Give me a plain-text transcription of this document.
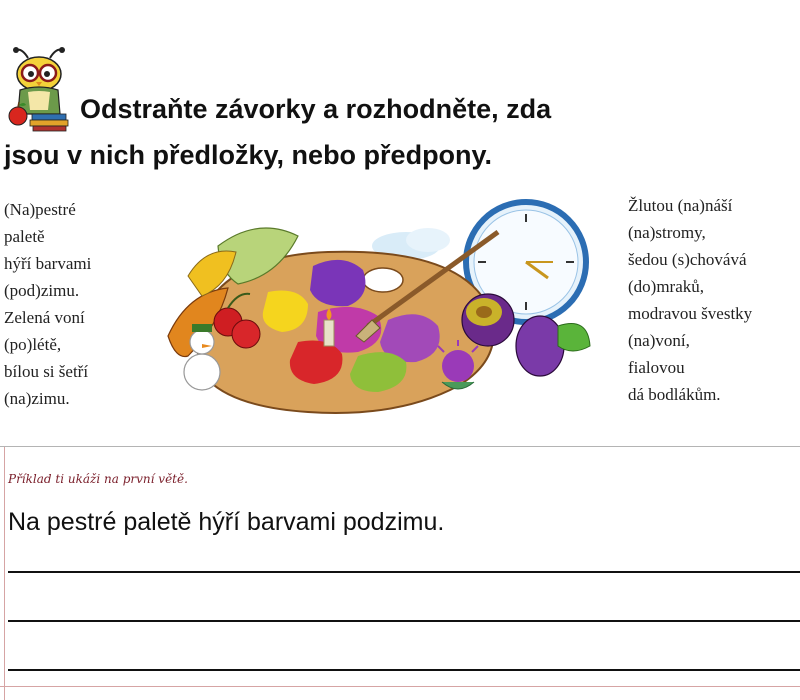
Odstraňte závorky a rozhodněte, zda
jsou v nich předložky, nebo předpony.
(Na)pestré
paletě
hýří barvami
(pod)zimu.
Zelená voní
(po)létě,
bílou si šetří
(na)zimu.
Žlutou (na)náší
(na)stromy,
šedou (s)chovává
(do)mraků,
modravou švestky
(na)voní,
fialovou
dá bodlákům.
Příklad ti ukáži na první větě.
Na pestré paletě hýří barvami podzimu.
